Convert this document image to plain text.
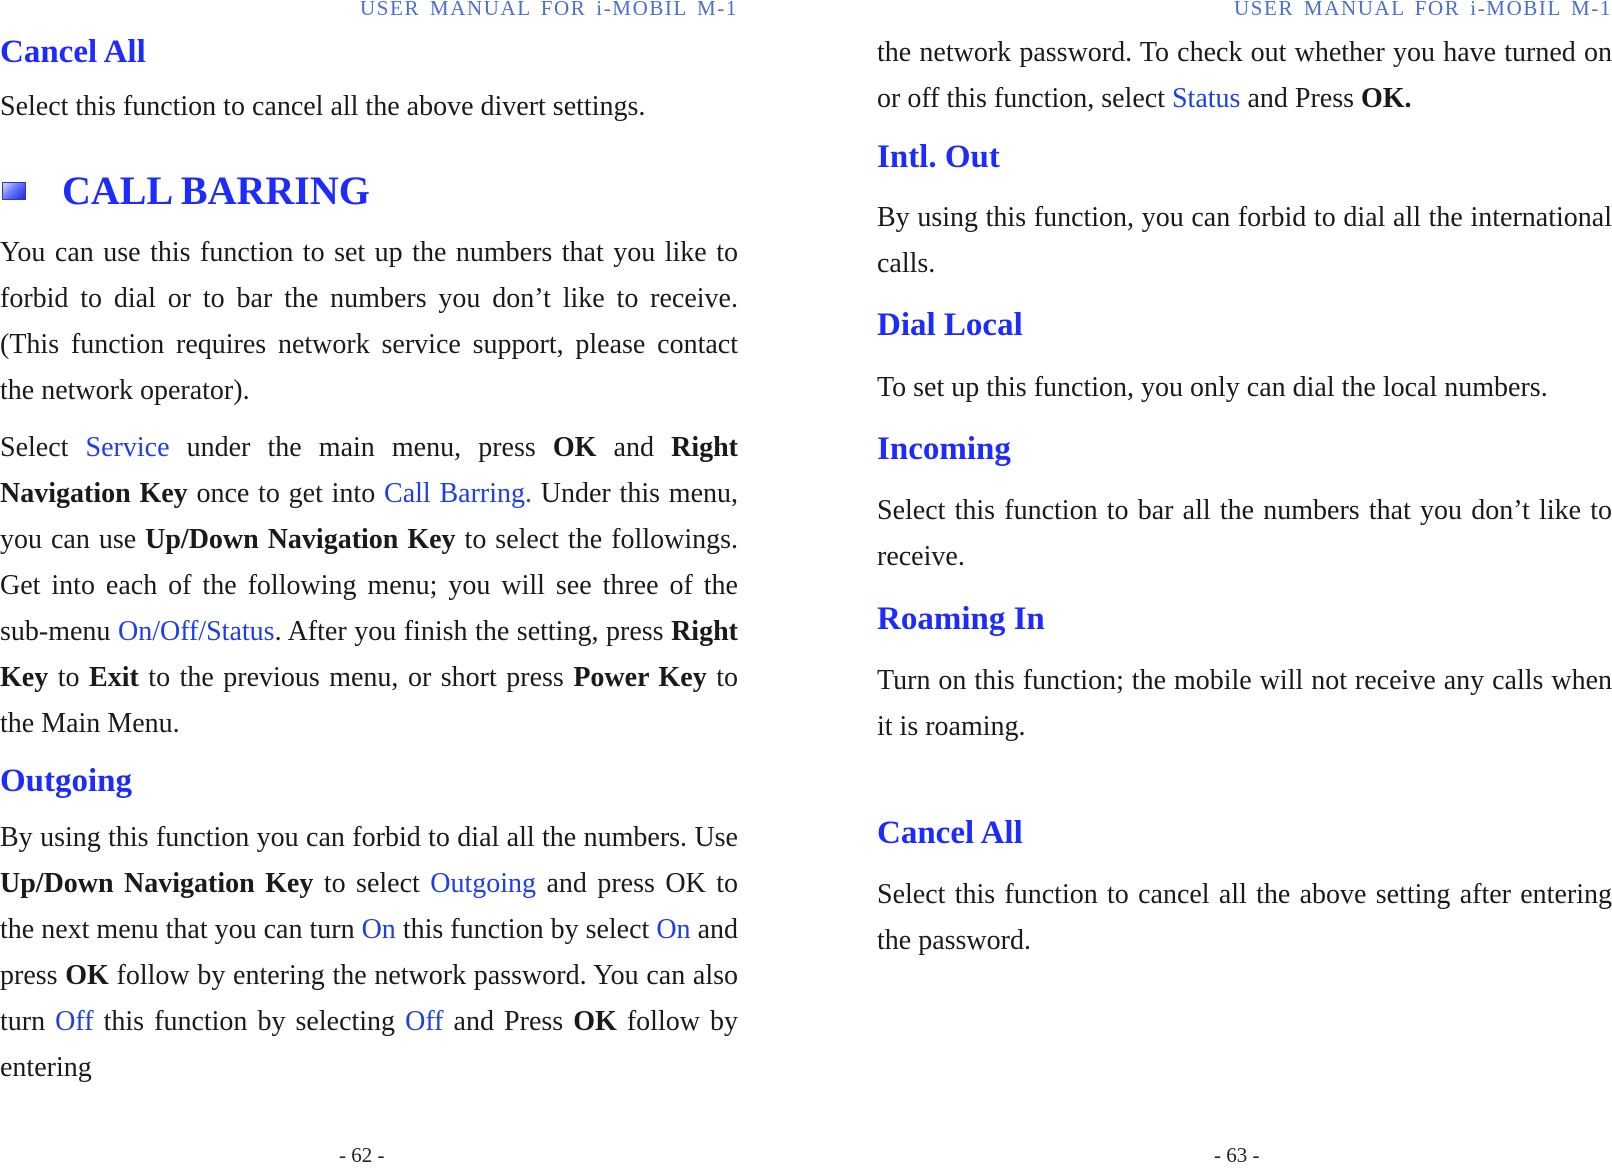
USER MANUAL FOR i-MOBIL M-1
Cancel All

Select this function to cancel all the above divert settings.

CALL BARRING

You can use this function to set up the numbers that you like to forbid to dial or to bar the numbers you don’t like to receive. (This function requires network service support, please contact the network operator).

Select Service under the main menu, press OK and Right Navigation Key once to get into Call Barring. Under this menu, you can use Up/Down Navigation Key to select the followings. Get into each of the following menu; you will see three of the sub-menu On/Off/Status. After you finish the setting, press Right Key to Exit to the previous menu, or short press Power Key to the Main Menu.

Outgoing

By using this function you can forbid to dial all the numbers. Use Up/Down Navigation Key to select Outgoing and press OK to the next menu that you can turn On this function by select On and press OK follow by entering the network password. You can also turn Off this function by selecting Off and Press OK follow by entering

- 62 -
USER MANUAL FOR i-MOBIL M-1

the network password. To check out whether you have turned on or off this function, select Status and Press OK.

Intl. Out

By using this function, you can forbid to dial all the international calls.

Dial Local

To set up this function, you only can dial the local numbers.

Incoming

Select this function to bar all the numbers that you don’t like to receive.

Roaming In

Turn on this function; the mobile will not receive any calls when it is roaming.

Cancel All

Select this function to cancel all the above setting after entering the password.

- 63 -
